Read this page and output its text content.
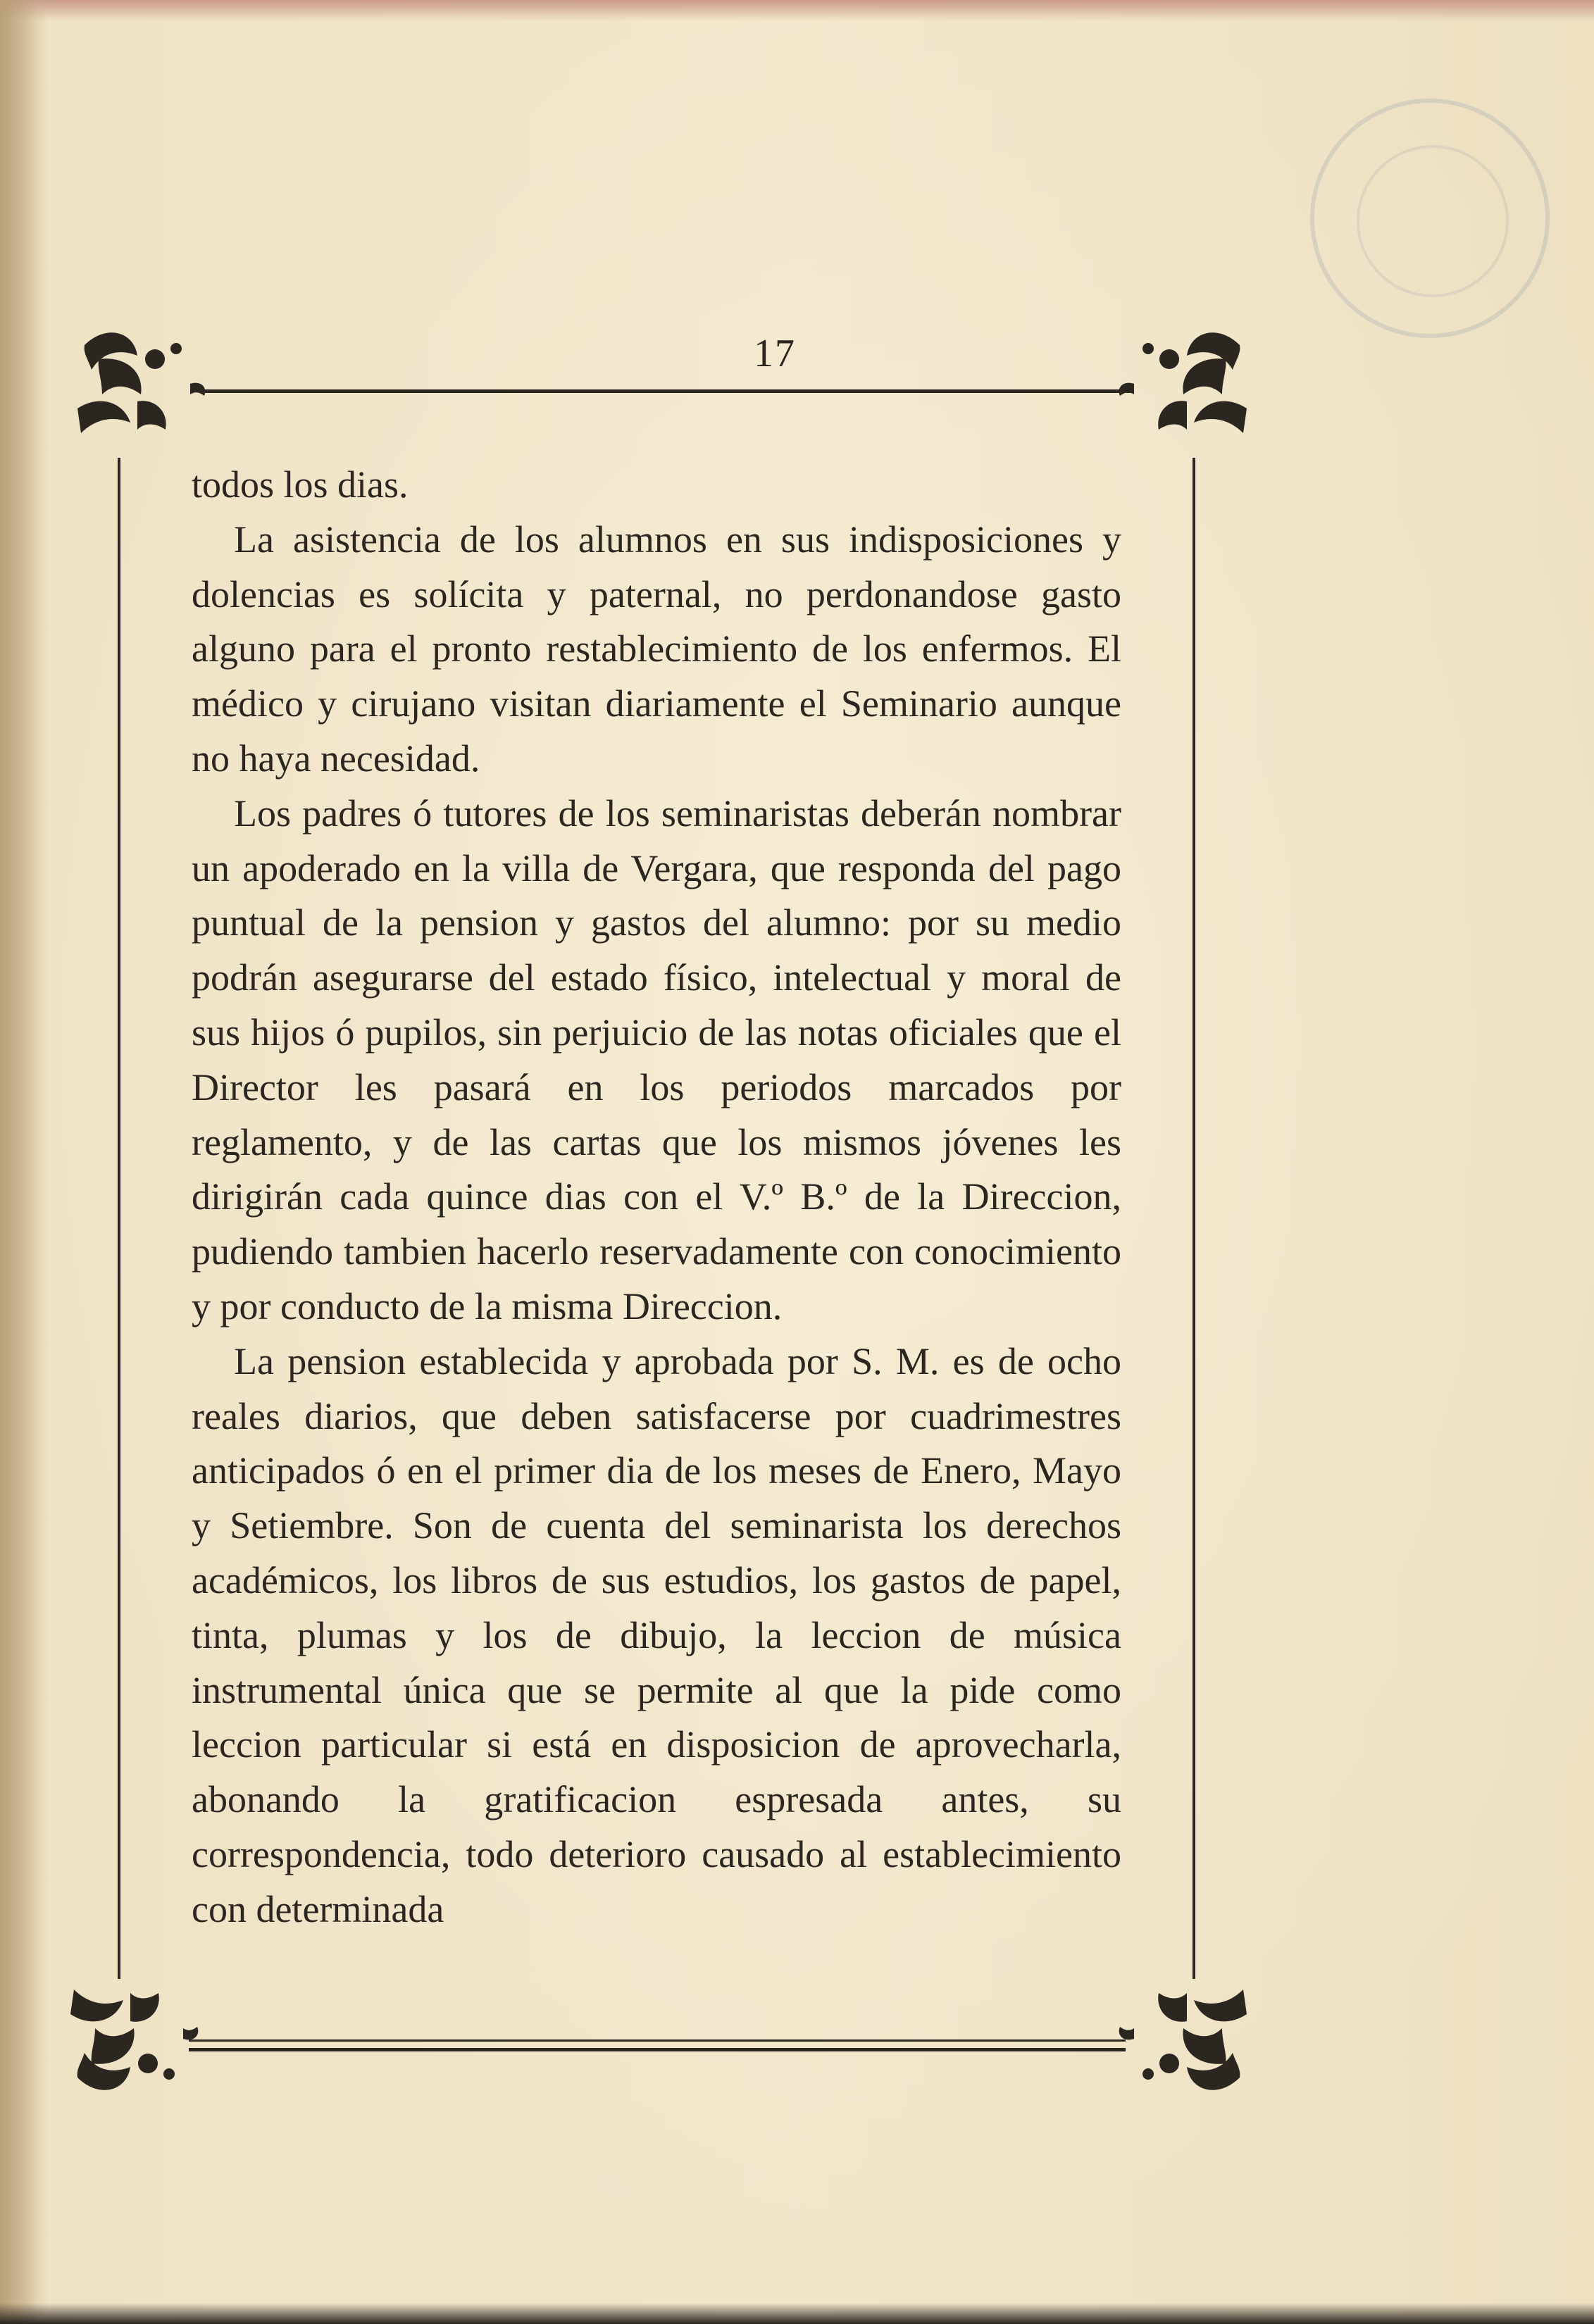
17

todos los dias.

La asistencia de los alumnos en sus indisposiciones y dolencias es solícita y paternal, no perdonandose gasto alguno para el pronto restablecimiento de los enfermos. El médico y cirujano visitan diariamente el Seminario aunque no haya necesidad.

Los padres ó tutores de los seminaristas deberán nombrar un apoderado en la villa de Vergara, que responda del pago puntual de la pension y gastos del alumno: por su medio podrán asegurarse del estado físico, intelectual y moral de sus hijos ó pupilos, sin perjuicio de las notas oficiales que el Director les pasará en los periodos marcados por reglamento, y de las cartas que los mismos jóvenes les dirigirán cada quince dias con el V.º B.º de la Direccion, pudiendo tambien hacerlo reservadamente con conocimiento y por conducto de la misma Direccion.

La pension establecida y aprobada por S. M. es de ocho reales diarios, que deben satisfacerse por cuadrimestres anticipados ó en el primer dia de los meses de Enero, Mayo y Setiembre. Son de cuenta del seminarista los derechos académicos, los libros de sus estudios, los gastos de papel, tinta, plumas y los de dibujo, la leccion de música instrumental única que se permite al que la pide como leccion particular si está en disposicion de aprovecharla, abonando la gratificacion espresada antes, su correspondencia, todo deterioro causado al establecimiento con determinada
